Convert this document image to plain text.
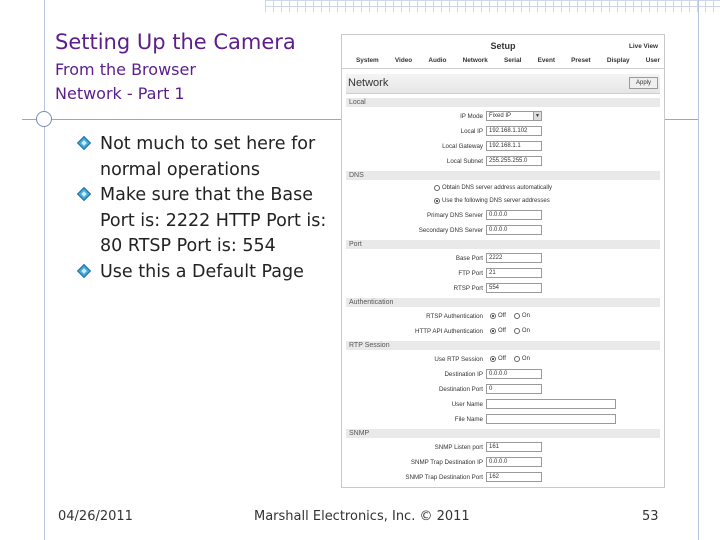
Setting Up the Camera
From the Browser
Network - Part 1
Not much to set here for normal operations
Make sure that the Base Port is: 2222 HTTP Port is: 80 RTSP Port is: 554
Use this a Default Page
Setup	Live View
System	Video	Audio	Network	Serial	Event	Preset	Display	User
Network	Apply
Local
IP Mode	Fixed IP	▼
Local IP	192.168.1.102
Local Gateway	192.168.1.1
Local Subnet	255.255.255.0
DNS
Obtain DNS server address automatically
Use the following DNS server addresses
Primary DNS Server	0.0.0.0
Secondary DNS Server	0.0.0.0
Port
Base Port	2222
FTP Port	21
RTSP Port	554
Authentication
RTSP Authentication	Off	On
HTTP API Authentication	Off	On
RTP Session
Use RTP Session	Off	On
Destination IP	0.0.0.0
Destination Port	0
User Name
File Name
SNMP
SNMP Listen port	161
SNMP Trap Destination IP	0.0.0.0
SNMP Trap Destination Port	162
04/26/2011	Marshall Electronics, Inc. © 2011	53
